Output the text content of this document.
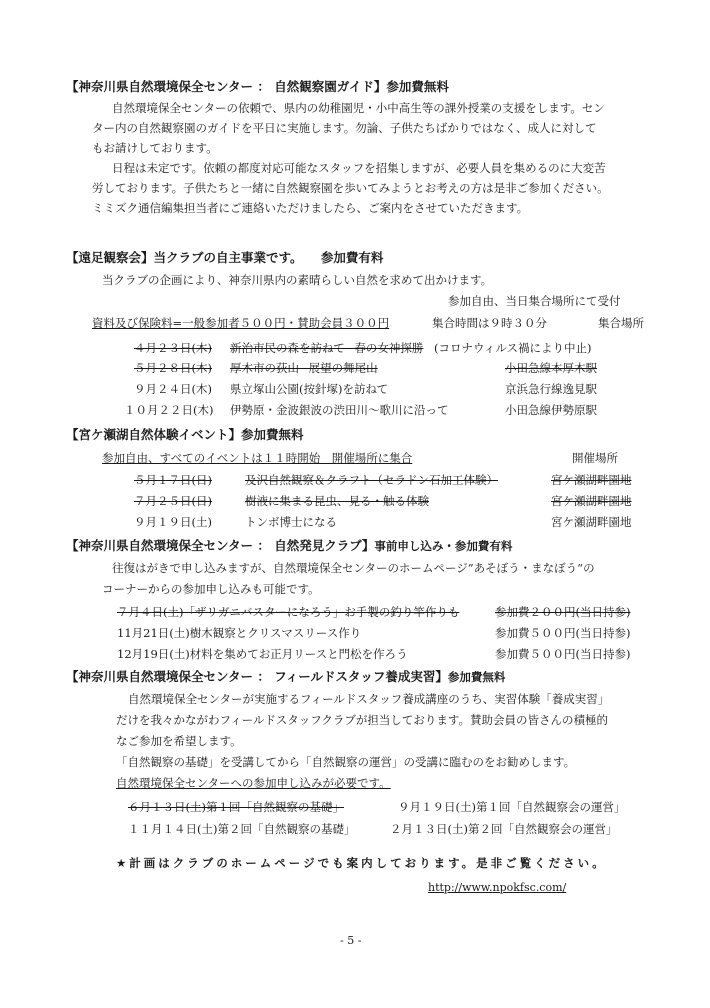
【神奈川県自然環境保全センター ： 自然観察園ガイド】参加費無料
自然環境保全センターの依頼で、県内の幼稚園児・小中高生等の課外授業の支援をします。セン
ター内の自然観察園のガイドを平日に実施します。勿論、子供たちばかりではなく、成人に対して
もお請けしております。
日程は未定です。依頼の都度対応可能なスタッフを招集しますが、必要人員を集めるのに大変苦
労しております。子供たちと一緒に自然観察園を歩いてみようとお考えの方は是非ご参加ください。
ミミズク通信編集担当者にご連絡いただけましたら、ご案内をさせていただきます。
【遠足観察会】当クラブの自主事業です。 参加費有料
当クラブの企画により、神奈川県内の素晴らしい自然を求めて出かけます。
参加自由、当日集合場所にて受付
資料及び保険料=一般参加者５００円・賛助会員３００円	集合時間は９時３０分	集合場所
４月２３日(木) 新治市民の森を訪ねて−春の女神探勝 (コロナウィルス禍により中止)
５月２８日(木) 厚木市の荻山−展望の舞尾山	小田急線本厚木駅
９月２４日(木) 県立塚山公園(按針塚)を訪ねて	京浜急行線逸見駅
１０月２２日(木) 伊勢原・金波銀波の渋田川〜歌川に沿って	小田急線伊勢原駅
【宮ケ瀬湖自然体験イベント】参加費無料
参加自由、すべてのイベントは１１時開始　開催場所に集合	開催場所
５月１７日(日)	及沢自然観察＆クラフト（セラドン石加工体験）	宮ケ瀬湖畔園地
７月２５日(日)	樹液に集まる昆虫、見る・触る体験	宮ケ瀬湖畔園地
９月１９日(土)	トンボ博士になる	宮ケ瀬湖畔園地
【神奈川県自然環境保全センター ： 自然発見クラブ】事前申し込み・参加費有料
往復はがきで申し込みますが、自然環境保全センターのホームページ”あそぼう・まなぼう“の
コーナーからの参加申し込みも可能です。
７月４日(土)「ザリガニバスターになろう」お手製の釣り竿作りも	参加費２００円(当日持参)
11月21日(土)樹木観察とクリスマスリース作り	参加費５００円(当日持参)
12月19日(土)材料を集めてお正月リースと門松を作ろう	参加費５００円(当日持参)
【神奈川県自然環境保全センター ： フィールドスタッフ養成実習】参加費無料
自然環境保全センターが実施するフィールドスタッフ養成講座のうち、実習体験「養成実習」
だけを我々かながわフィールドスタッフクラブが担当しております。賛助会員の皆さんの積極的
なご参加を希望します。
「自然観察の基礎」を受講してから「自然観察の運営」の受講に臨むのをお勧めします。
自然環境保全センターへの参加申し込みが必要です。
６月１３日(土)第１回「自然観察の基礎」	９月１９日(土)第１回「自然観察会の運営」
１１月１４日(土)第２回「自然観察の基礎」	２月１３日(土)第２回「自然観察会の運営」
★計画はクラブのホームページでも案内しております。是非ご覧ください。
http://www.npokfsc.com/
- 5 -
